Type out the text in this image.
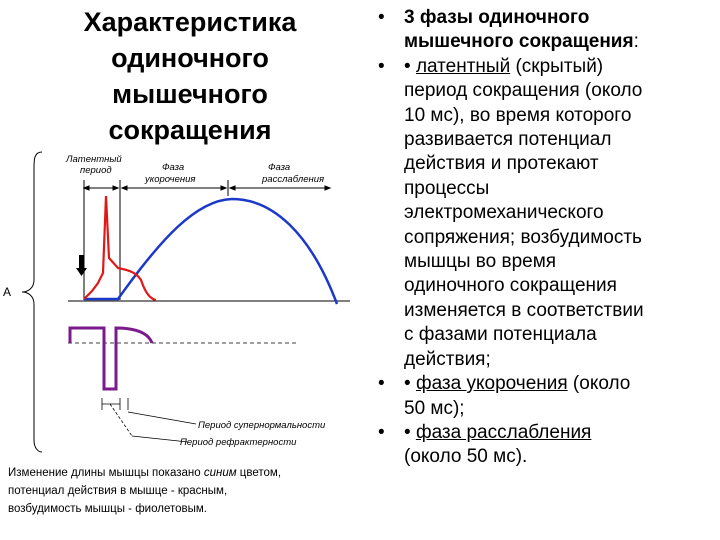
Характеристика
одиночного
мышечного
сокращения
А
Латентный
период	Фаза
укорочения
Фаза
расслабления
Период супернормальности
Период рефрактерности
Изменение длины мышцы показано синим цветом,
потенциал действия в мышце - красным,
возбудимость мышцы - фиолетовым.
• 3 фазы одиночного
мышечного сокращения:
• • латентный (скрытый)
период сокращения (около
10 мс), во время которого
развивается потенциал
действия и протекают
процессы
электромеханического
сопряжения; возбудимость
мышцы во время
одиночного сокращения
изменяется в соответствии
с фазами потенциала
действия;
• • фаза укорочения (около
50 мс);
• • фаза расслабления
(около 50 мс).
